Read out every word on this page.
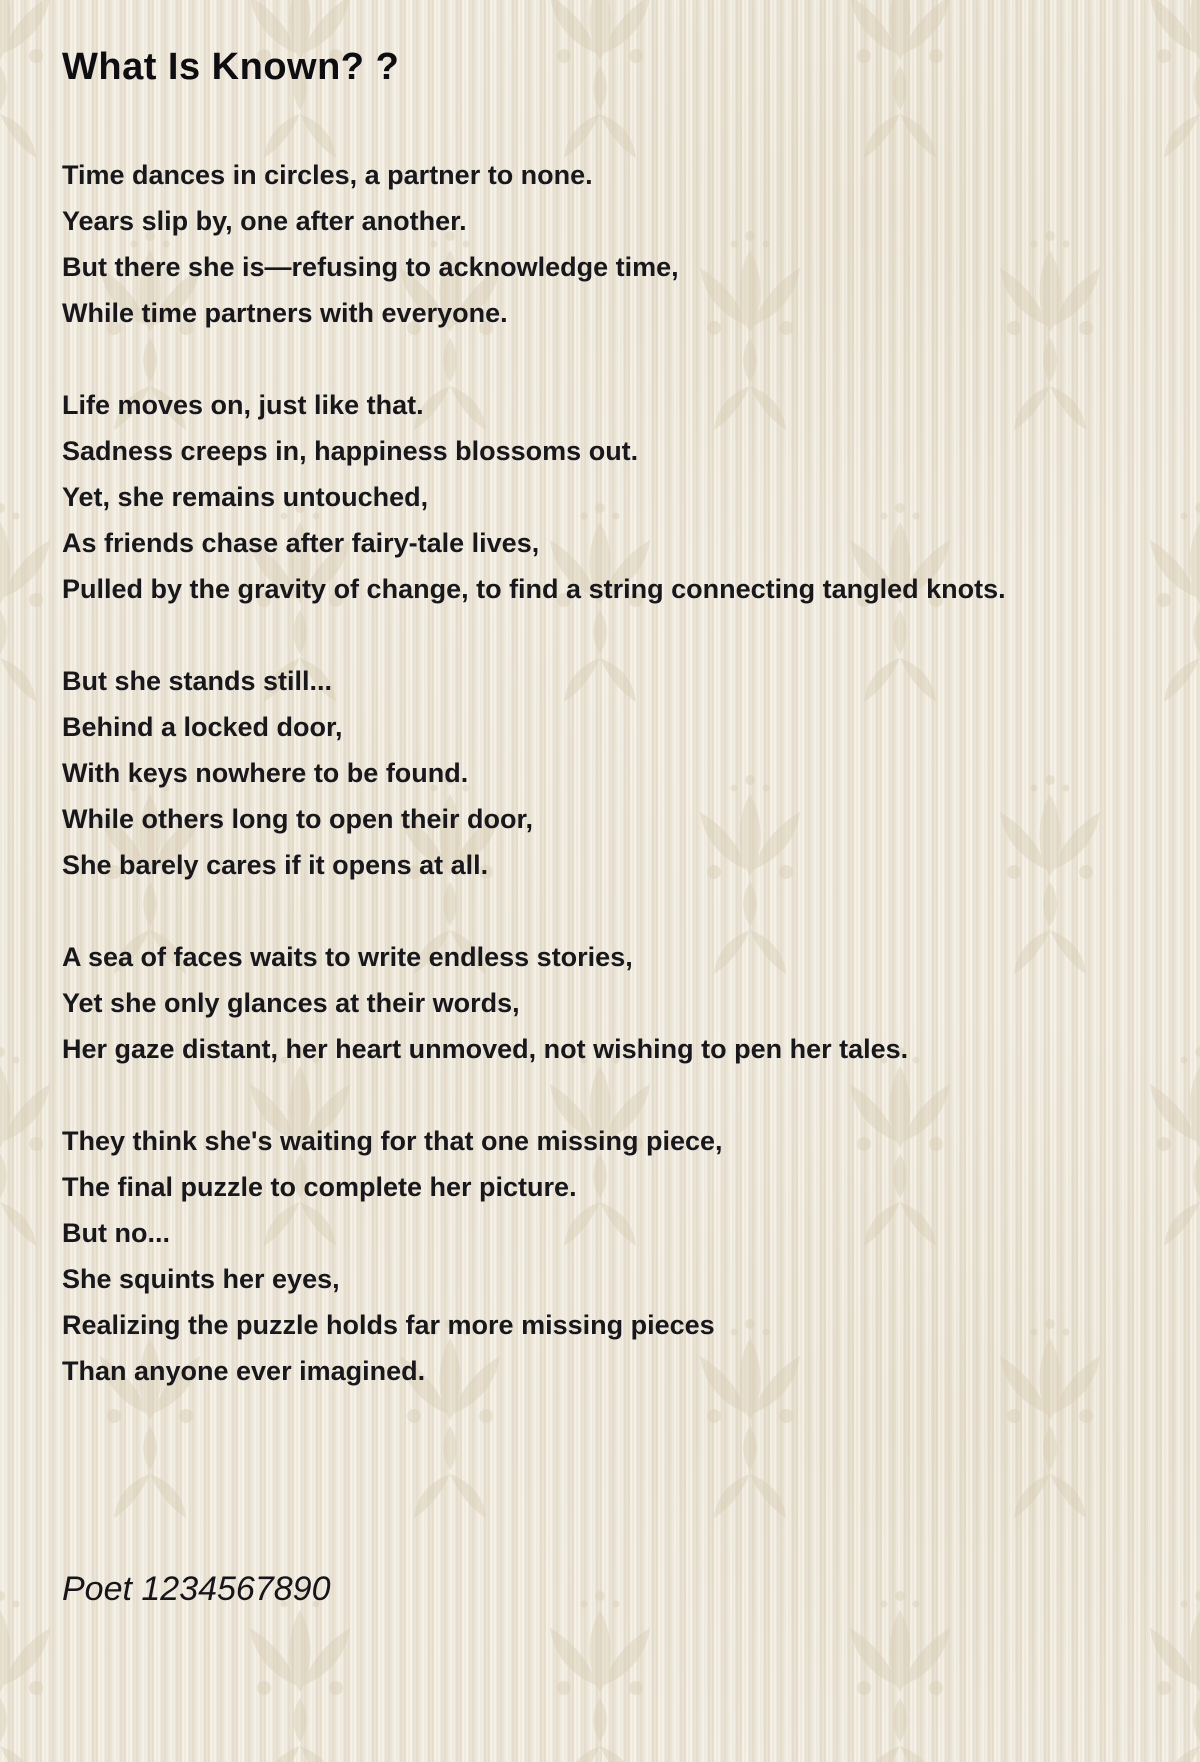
What Is Known? ?

Time dances in circles, a partner to none.
Years slip by, one after another.
But there she is—refusing to acknowledge time,
While time partners with everyone.

Life moves on, just like that.
Sadness creeps in, happiness blossoms out.
Yet, she remains untouched,
As friends chase after fairy-tale lives,
Pulled by the gravity of change, to find a string connecting tangled knots.

But she stands still...
Behind a locked door,
With keys nowhere to be found.
While others long to open their door,
She barely cares if it opens at all.

A sea of faces waits to write endless stories,
Yet she only glances at their words,
Her gaze distant, her heart unmoved, not wishing to pen her tales.

They think she's waiting for that one missing piece,
The final puzzle to complete her picture.
But no...
She squints her eyes,
Realizing the puzzle holds far more missing pieces
Than anyone ever imagined.

Poet 1234567890
